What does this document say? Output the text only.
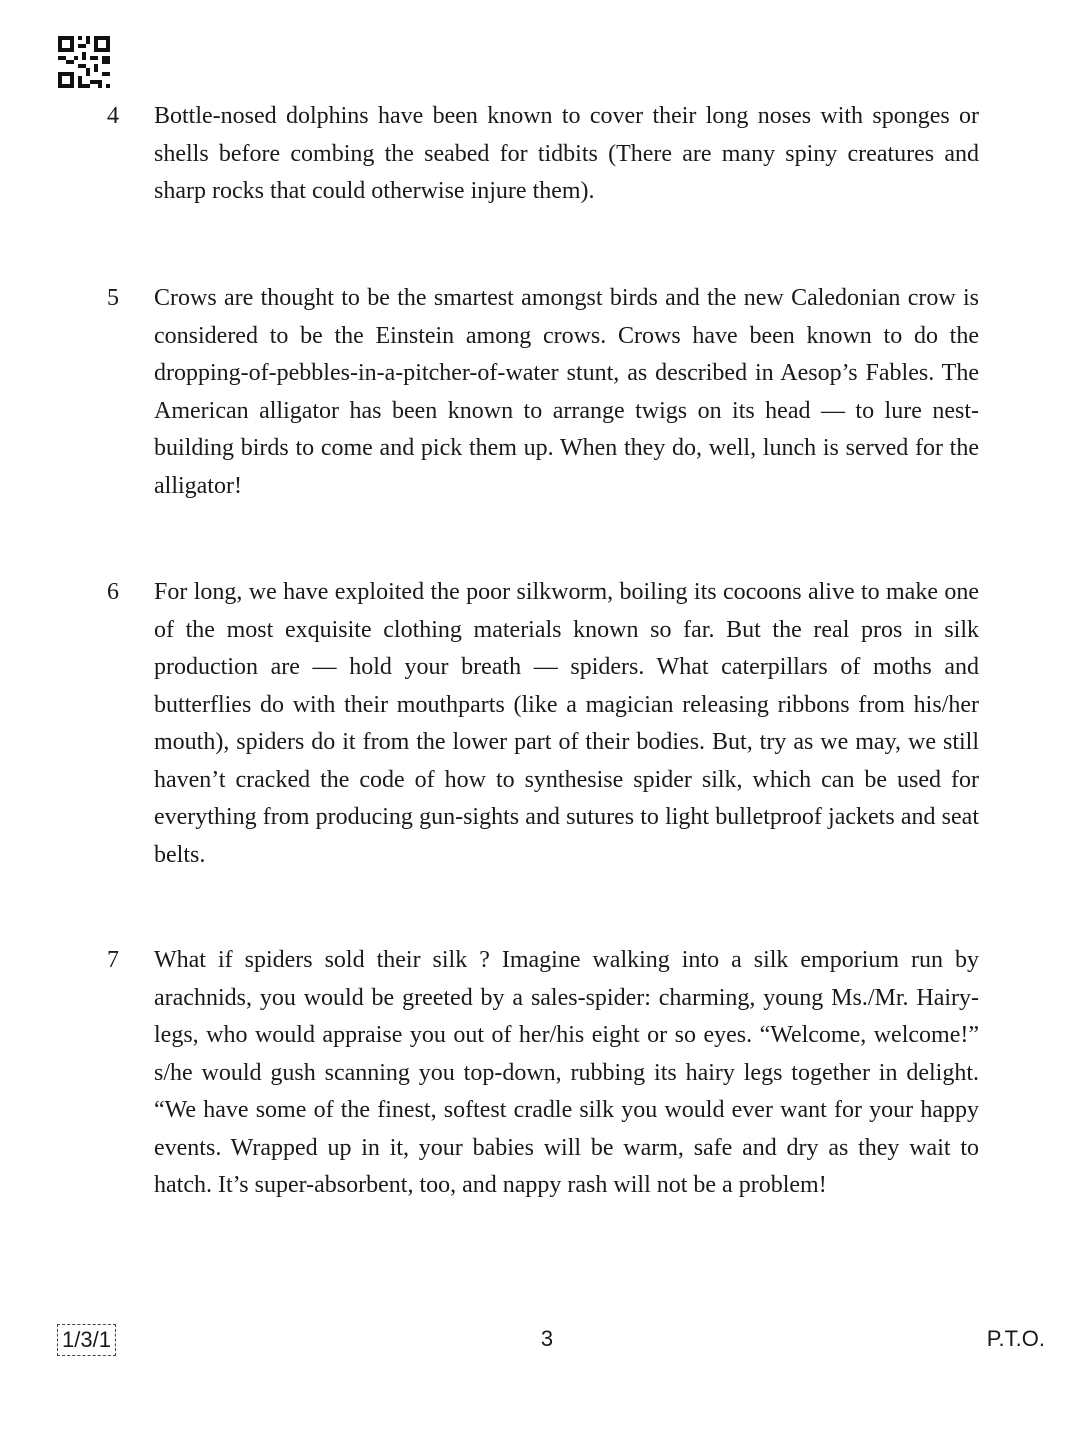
4	Bottle-nosed dolphins have been known to cover their long noses with sponges or shells before combing the seabed for tidbits (There are many spiny creatures and sharp rocks that could otherwise injure them).
5	Crows are thought to be the smartest amongst birds and the new Caledonian crow is considered to be the Einstein among crows. Crows have been known to do the dropping-of-pebbles-in-a-pitcher-of-water stunt, as described in Aesop’s Fables. The American alligator has been known to arrange twigs on its head — to lure nest-building birds to come and pick them up. When they do, well, lunch is served for the alligator!
6	For long, we have exploited the poor silkworm, boiling its cocoons alive to make one of the most exquisite clothing materials known so far. But the real pros in silk production are — hold your breath — spiders. What caterpillars of moths and butterflies do with their mouthparts (like a magician releasing ribbons from his/her mouth), spiders do it from the lower part of their bodies. But, try as we may, we still haven’t cracked the code of how to synthesise spider silk, which can be used for everything from producing gun-sights and sutures to light bulletproof jackets and seat belts.
7	What if spiders sold their silk ? Imagine walking into a silk emporium run by arachnids, you would be greeted by a sales-spider: charming, young Ms./Mr. Hairy-legs, who would appraise you out of her/his eight or so eyes. “Welcome, welcome!” s/he would gush scanning you top-down, rubbing its hairy legs together in delight. “We have some of the finest, softest cradle silk you would ever want for your happy events. Wrapped up in it, your babies will be warm, safe and dry as they wait to hatch. It’s super-absorbent, too, and nappy rash will not be a problem!
1/3/1	3	P.T.O.
